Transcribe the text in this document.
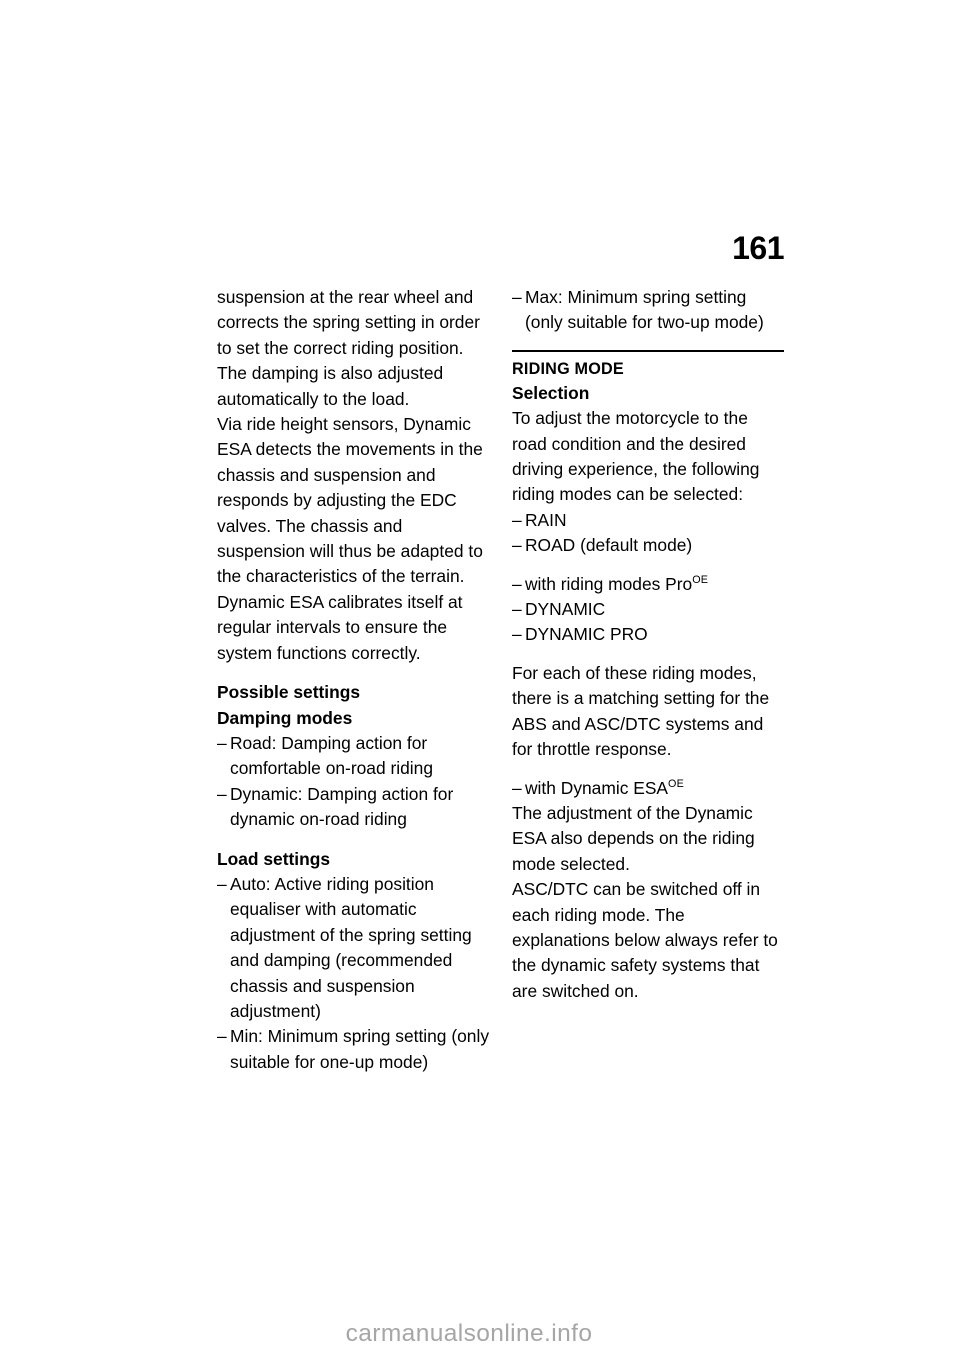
161

suspension at the rear wheel and corrects the spring setting in order to set the correct riding position. The damping is also adjusted automatically to the load.

Via ride height sensors, Dynamic ESA detects the movements in the chassis and suspension and responds by adjusting the EDC valves. The chassis and suspension will thus be adapted to the characteristics of the terrain. Dynamic ESA calibrates itself at regular intervals to ensure the system functions correctly.

Possible settings
Damping modes
– Road: Damping action for comfortable on-road riding
– Dynamic: Damping action for dynamic on-road riding
Load settings
– Auto: Active riding position equaliser with automatic adjustment of the spring setting and damping (recommended chassis and suspension adjustment)
– Min: Minimum spring setting (only suitable for one-up mode)
– Max: Minimum spring setting (only suitable for two-up mode)
RIDING MODE
Selection

To adjust the motorcycle to the road condition and the desired driving experience, the following riding modes can be selected:

– RAIN
– ROAD (default mode)
– with riding modes Pro$^{OE}$
– DYNAMIC
– DYNAMIC PRO

For each of these riding modes, there is a matching setting for the ABS and ASC/DTC systems and for throttle response.

– with Dynamic $ESA^{OE}$

The adjustment of the Dynamic ESA also depends on the riding mode selected.

ASC/DTC can be switched off in each riding mode. The explanations below always refer to the dynamic safety systems that are switched on.

carmanualsonline.info
